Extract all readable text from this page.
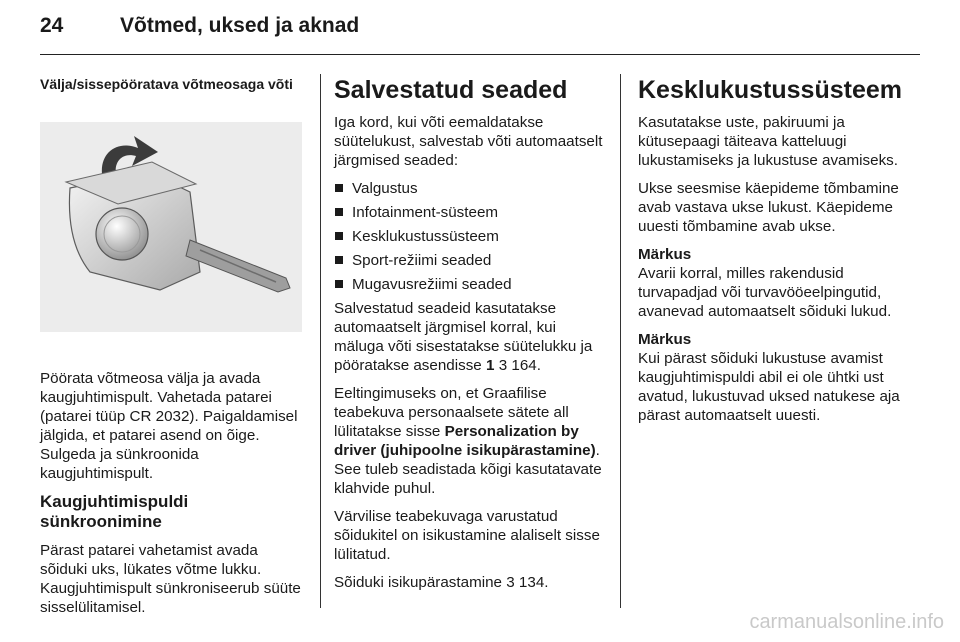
24	Võtmed, uksed ja aknad

Välja/sissepööratava võtmeosaga võti

Pöörata võtmeosa välja ja avada kaugjuhtimispult. Vahetada patarei (patarei tüüp CR 2032). Paigaldamisel jälgida, et patarei asend on õige. Sulgeda ja sünkroonida kaugjuhtimispult.

Kaugjuhtimispuldi sünkroonimine

Pärast patarei vahetamist avada sõiduki uks, lükates võtme lukku. Kaugjuhtimispult sünkroniseerub süüte sisselülitamisel.

Salvestatud seaded

Iga kord, kui võti eemaldatakse süütelukust, salvestab võti automaatselt järgmised seaded:

Valgustus
Infotainment-süsteem
Kesklukustussüsteem
Sport-režiimi seaded
Mugavusrežiimi seaded

Salvestatud seadeid kasutatakse automaatselt järgmisel korral, kui mäluga võti sisestatakse süütelukku ja pööratakse asendisse 1 3 164.

Eeltingimuseks on, et Graafilise teabekuva personaalsete sätete all lülitatakse sisse Personalization by driver (juhipoolne isikupärastamine). See tuleb seadistada kõigi kasutatavate klahvide puhul.

Värvilise teabekuvaga varustatud sõidukitel on isikustamine alaliselt sisse lülitatud.

Sõiduki isikupärastamine 3 134.

Kesklukustussüsteem

Kasutatakse uste, pakiruumi ja kütusepaagi täiteava katteluugi lukustamiseks ja lukustuse avamiseks.

Ukse seesmise käepideme tõmbamine avab vastava ukse lukust. Käepideme uuesti tõmbamine avab ukse.

Märkus
Avarii korral, milles rakendusid turvapadjad või turvavööeelpingutid, avanevad automaatselt sõiduki lukud.

Märkus
Kui pärast sõiduki lukustuse avamist kaugjuhtimispuldi abil ei ole ühtki ust avatud, lukustuvad uksed natukese aja pärast automaatselt uuesti.

carmanualsonline.info
